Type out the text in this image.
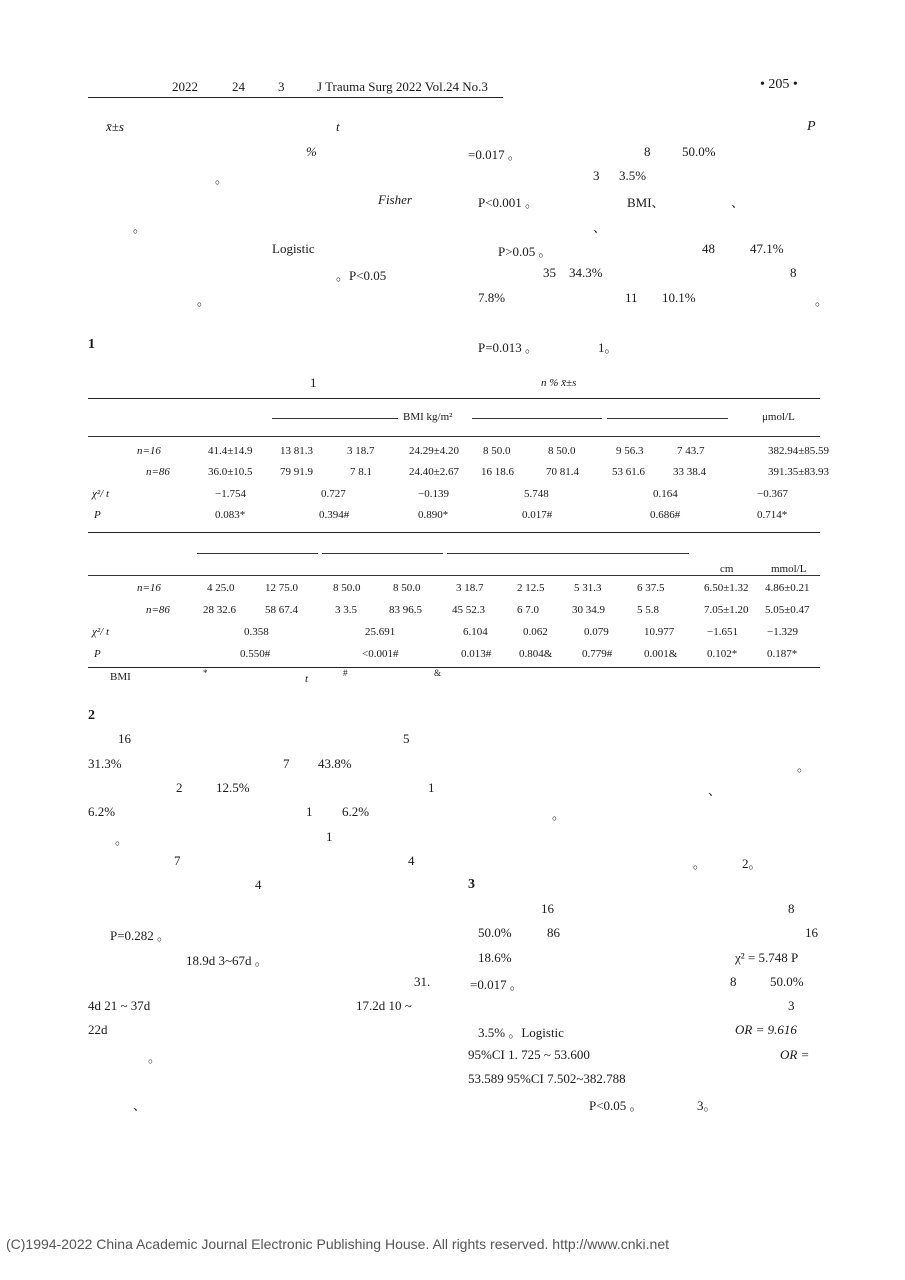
2022	24	3	J Trauma Surg 2022 Vol.24 No.3	• 205 •
x̄±s	t
%
。
Fisher
。
Logistic
。P<0.05
。
P
=0.017 。	8 50.0%
3 3.5%
P<0.001 。	BMI、	、
、
P>0.05 。	48	47.1%
35 34.3%	8
7.8%	11 10.1%	。
P=0.013 。	1。
1
1	n % x̄±s
BMI kg/m²	μmol/L
n=16	41.4±14.9 13 81.3	3 18.7	24.29±4.20 8 50.0	8 50.0	9 56.3	7 43.7	382.94±85.59
n=86	36.0±10.5 79 91.9	7 8.1	24.40±2.67 16 18.6	70 81.4	53 61.6	33 38.4	391.35±83.93
χ²/ t	−1.754	0.727	−0.139	5.748	0.164	−0.367
P	0.083*	0.394#	0.890*	0.017#	0.686#	0.714*
cm	mmol/L
n=16	4 25.0	12 75.0	8 50.0	8 50.0	3 18.7	2 12.5	5 31.3	6 37.5	6.50±1.32 4.86±0.21
n=86	28 32.6	58 67.4	3 3.5	83 96.5	45 52.3	6 7.0	30 34.9	5 5.8	7.05±1.20 5.05±0.47
χ²/ t	0.358	25.691	6.104	0.062	0.079	10.977	−1.651	−1.329
P	0.550#	<0.001#	0.013#	0.804&	0.779#	0.001&	0.102*	0.187*
BMI	*	t	#	&
2
16	5
31.3%	7 43.8%
2	12.5%	1
6.2%	1 6.2%
。	1
7	4
4
P=0.282 。
18.9d 3~67d 。
31.
4d 21 ~ 37d	17.2d 10 ~
22d
。
、
。
、
。
。	2。
3
16	8
50.0%	86	16
18.6%	χ² = 5.748 P
=0.017 。	8	50.0%
3
3.5% 。Logistic	OR = 9.616
95%CI 1. 725 ~ 53.600	OR =
53.589 95%CI 7.502~382.788
P<0.05 。	3。
(C)1994-2022 China Academic Journal Electronic Publishing House. All rights reserved. http://www.cnki.net
